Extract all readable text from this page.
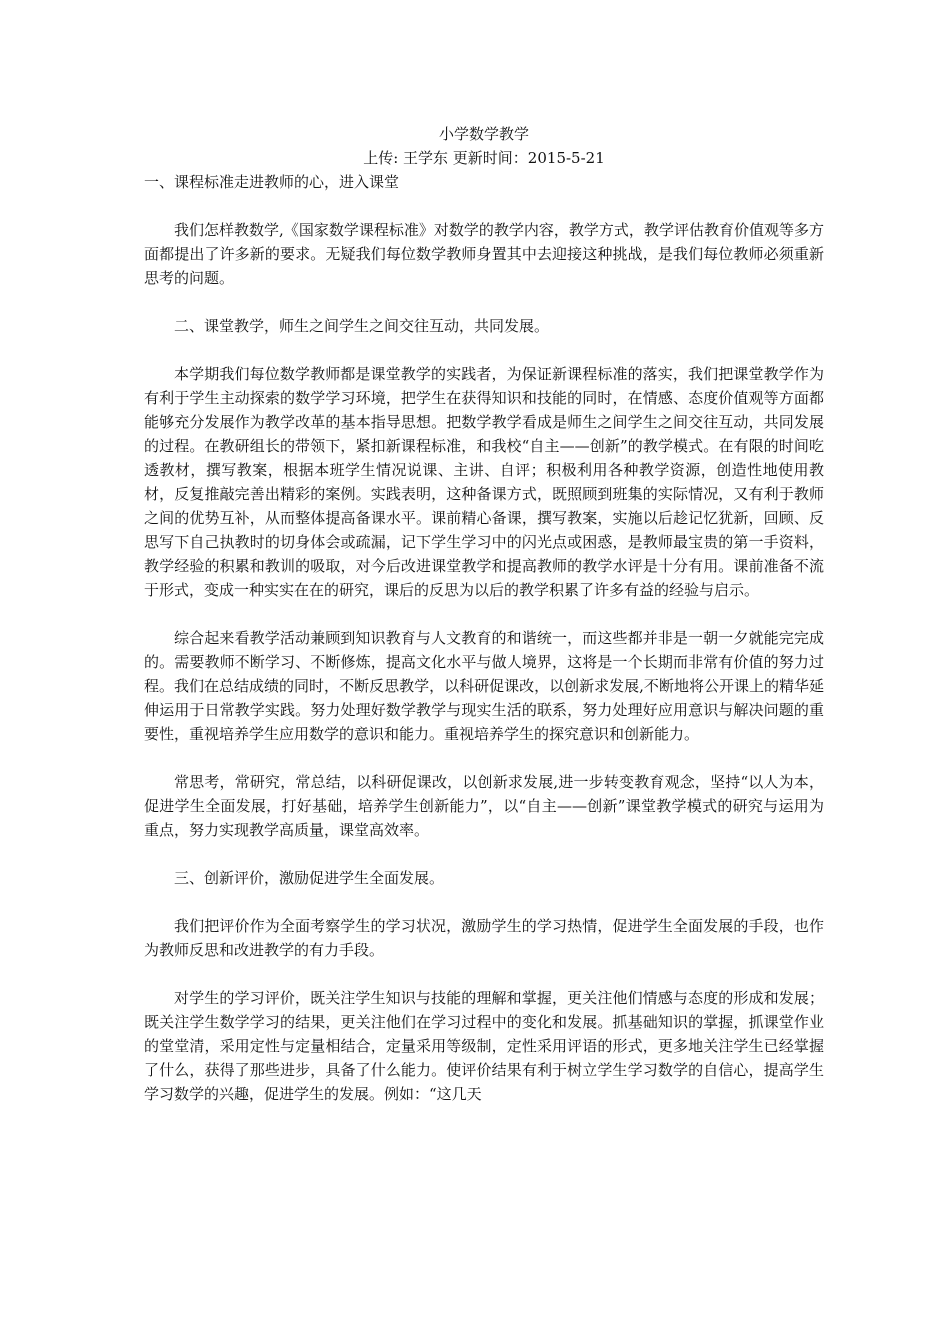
小学数学教学
上传: 王学东 更新时间：2015-5-21
一、课程标准走进教师的心，进入课堂

我们怎样教数学,《国家数学课程标准》对数学的教学内容，教学方式，教学评估教育价值观等多方面都提出了许多新的要求。无疑我们每位数学教师身置其中去迎接这种挑战，是我们每位教师必须重新思考的问题。

二、课堂教学，师生之间学生之间交往互动，共同发展。

本学期我们每位数学教师都是课堂教学的实践者，为保证新课程标准的落实，我们把课堂教学作为有利于学生主动探索的数学学习环境，把学生在获得知识和技能的同时，在情感、态度价值观等方面都能够充分发展作为教学改革的基本指导思想。把数学教学看成是师生之间学生之间交往互动，共同发展的过程。在教研组长的带领下，紧扣新课程标准，和我校“自主——创新”的教学模式。在有限的时间吃透教材，撰写教案，根据本班学生情况说课、主讲、自评；积极利用各种教学资源，创造性地使用教材，反复推敲完善出精彩的案例。实践表明，这种备课方式，既照顾到班集的实际情况，又有利于教师之间的优势互补，从而整体提高备课水平。课前精心备课，撰写教案，实施以后趁记忆犹新，回顾、反思写下自己执教时的切身体会或疏漏，记下学生学习中的闪光点或困惑，是教师最宝贵的第一手资料，教学经验的积累和教训的吸取，对今后改进课堂教学和提高教师的教学水评是十分有用。课前准备不流于形式，变成一种实实在在的研究，课后的反思为以后的教学积累了许多有益的经验与启示。

综合起来看教学活动兼顾到知识教育与人文教育的和谐统一，而这些都并非是一朝一夕就能完完成的。需要教师不断学习、不断修炼，提高文化水平与做人境界，这将是一个长期而非常有价值的努力过程。我们在总结成绩的同时，不断反思教学，以科研促课改，以创新求发展,不断地将公开课上的精华延伸运用于日常教学实践。努力处理好数学教学与现实生活的联系，努力处理好应用意识与解决问题的重要性，重视培养学生应用数学的意识和能力。重视培养学生的探究意识和创新能力。

常思考，常研究，常总结，以科研促课改，以创新求发展,进一步转变教育观念，坚持“以人为本，促进学生全面发展，打好基础，培养学生创新能力”，以“自主——创新”课堂教学模式的研究与运用为重点，努力实现教学高质量，课堂高效率。

三、创新评价，激励促进学生全面发展。

我们把评价作为全面考察学生的学习状况，激励学生的学习热情，促进学生全面发展的手段，也作为教师反思和改进教学的有力手段。

对学生的学习评价，既关注学生知识与技能的理解和掌握，更关注他们情感与态度的形成和发展；既关注学生数学学习的结果，更关注他们在学习过程中的变化和发展。抓基础知识的掌握，抓课堂作业的堂堂清，采用定性与定量相结合，定量采用等级制，定性采用评语的形式，更多地关注学生已经掌握了什么，获得了那些进步，具备了什么能力。使评价结果有利于树立学生学习数学的自信心，提高学生学习数学的兴趣，促进学生的发展。例如：“这几天
